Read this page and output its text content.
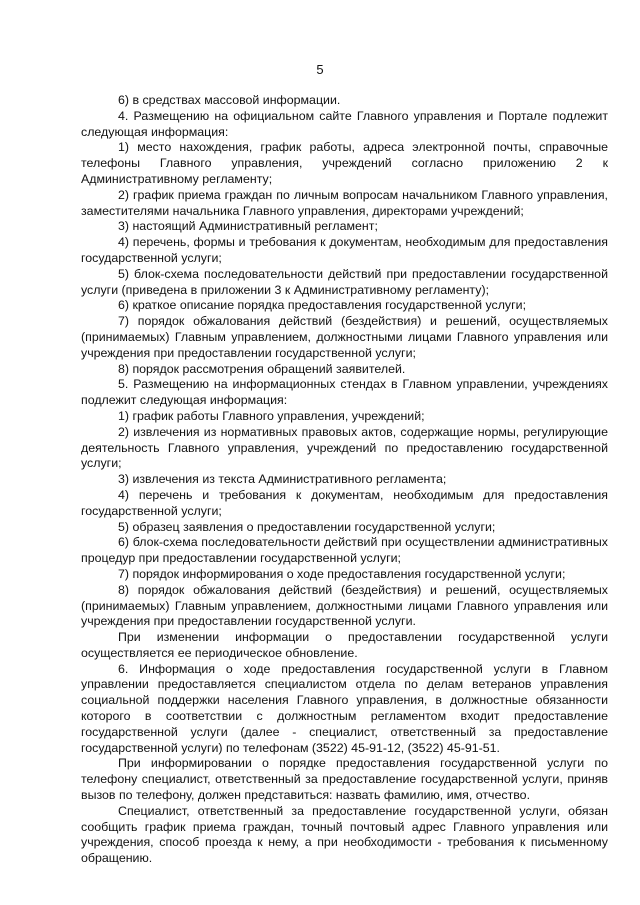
5

6) в средствах массовой информации.

4. Размещению на официальном сайте Главного управления и Портале подлежит следующая информация:

1) место нахождения, график работы, адреса электронной почты, справочные телефоны Главного управления, учреждений согласно приложению 2 к Административному регламенту;

2) график приема граждан по личным вопросам начальником Главного управления, заместителями начальника Главного управления, директорами учреждений;

3) настоящий Административный регламент;

4) перечень, формы и требования к документам, необходимым для предоставления государственной услуги;

5) блок-схема последовательности действий при предоставлении государственной услуги (приведена в приложении 3 к Административному регламенту);

6) краткое описание порядка предоставления государственной услуги;

7) порядок обжалования действий (бездействия) и решений, осуществляемых (принимаемых) Главным управлением, должностными лицами Главного управления или учреждения при предоставлении государственной услуги;

8) порядок рассмотрения обращений заявителей.

5. Размещению на информационных стендах в Главном управлении, учреждениях подлежит следующая информация:

1) график работы Главного управления, учреждений;

2) извлечения из нормативных правовых актов, содержащие нормы, регулирующие деятельность Главного управления, учреждений по предоставлению государственной услуги;

3) извлечения из текста Административного регламента;

4) перечень и требования к документам, необходимым для предоставления государственной услуги;

5) образец заявления о предоставлении государственной услуги;

6) блок-схема последовательности действий при осуществлении административных процедур при предоставлении государственной услуги;

7) порядок информирования о ходе предоставления государственной услуги;

8) порядок обжалования действий (бездействия) и решений, осуществляемых (принимаемых) Главным управлением, должностными лицами Главного управления или учреждения при предоставлении государственной услуги.

При изменении информации о предоставлении государственной услуги осуществляется ее периодическое обновление.

6. Информация о ходе предоставления государственной услуги в Главном управлении предоставляется специалистом отдела по делам ветеранов управления социальной поддержки населения Главного управления, в должностные обязанности которого в соответствии с должностным регламентом входит предоставление государственной услуги (далее - специалист, ответственный за предоставление государственной услуги) по телефонам (3522) 45-91-12, (3522) 45-91-51.

При информировании о порядке предоставления государственной услуги по телефону специалист, ответственный за предоставление государственной услуги, приняв вызов по телефону, должен представиться: назвать фамилию, имя, отчество.

Специалист, ответственный за предоставление государственной услуги, обязан сообщить график приема граждан, точный почтовый адрес Главного управления или учреждения, способ проезда к нему, а при необходимости - требования к письменному обращению.
